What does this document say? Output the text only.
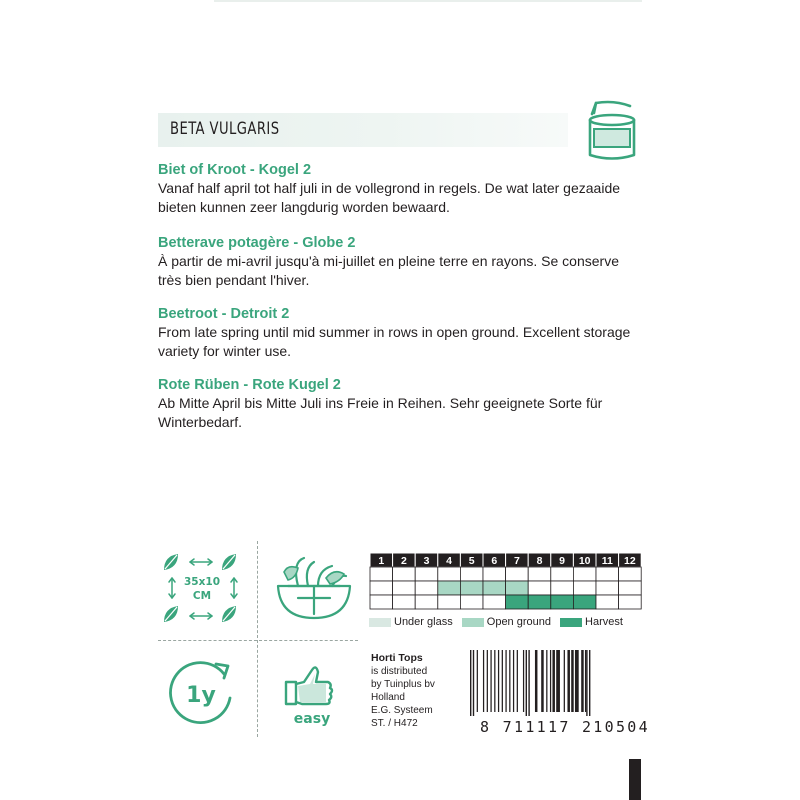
BETA VULGARIS
Biet of Kroot - Kogel 2

Vanaf half april tot half juli in de vollegrond in regels. De wat later gezaaide bieten kunnen zeer langdurig worden bewaard.

Betterave potagère - Globe 2

À partir de mi-avril jusqu'à mi-juillet en pleine terre en rayons. Se conserve très bien pendant l'hiver.

Beetroot - Detroit 2

From late spring until mid summer in rows in open ground. Excellent storage variety for winter use.

Rote Rüben - Rote Kugel 2

Ab Mitte April bis Mitte Juli ins Freie in Reihen. Sehr geeignete Sorte für Winterbedarf.

35x10
CM
1y
easy
1 2 3 4 5 6 7 8 9 10 11 12
Under glass	Open ground	Harvest
Horti Tops
is distributed
by Tuinplus bv
Holland
E.G. Systeem
ST. / H472	8 711117 210504
